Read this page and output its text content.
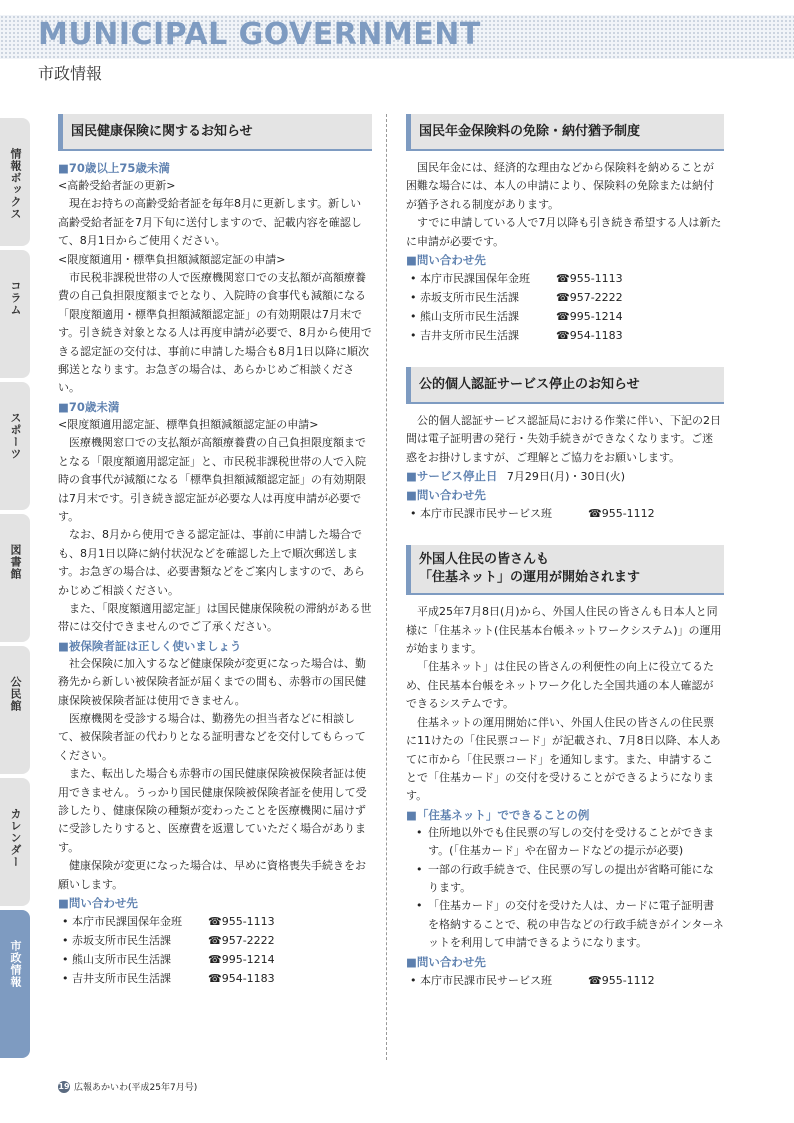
MUNICIPAL GOVERNMENT
市政情報
情報ボックス
コラム
スポーツ
図書館
公民館
カレンダー
市政情報
国民健康保険に関するお知らせ
■70歳以上75歳未満

<高齢受給者証の更新>

現在お持ちの高齢受給者証を毎年8月に更新します。新しい高齢受給者証を7月下旬に送付しますので、記載内容を確認して、8月1日からご使用ください。

<限度額適用・標準負担額減額認定証の申請>

市民税非課税世帯の人で医療機関窓口での支払額が高額療養費の自己負担限度額までとなり、入院時の食事代も減額になる「限度額適用・標準負担額減額認定証」の有効期限は7月末です。引き続き対象となる人は再度申請が必要で、8月から使用できる認定証の交付は、事前に申請した場合も8月1日以降に順次郵送となります。お急ぎの場合は、あらかじめご相談ください。

■70歳未満

<限度額適用認定証、標準負担額減額認定証の申請>

医療機関窓口での支払額が高額療養費の自己負担限度額までとなる「限度額適用認定証」と、市民税非課税世帯の人で入院時の食事代が減額になる「標準負担額減額認定証」の有効期限は7月末です。引き続き認定証が必要な人は再度申請が必要です。

なお、8月から使用できる認定証は、事前に申請した場合でも、8月1日以降に納付状況などを確認した上で順次郵送します。お急ぎの場合は、必要書類などをご案内しますので、あらかじめご相談ください。

また、「限度額適用認定証」は国民健康保険税の滞納がある世帯には交付できませんのでご了承ください。

■被保険者証は正しく使いましょう

社会保険に加入するなど健康保険が変更になった場合は、勤務先から新しい被保険者証が届くまでの間も、赤磐市の国民健康保険被保険者証は使用できません。

医療機関を受診する場合は、勤務先の担当者などに相談して、被保険者証の代わりとなる証明書などを交付してもらってください。

また、転出した場合も赤磐市の国民健康保険被保険者証は使用できません。うっかり国民健康保険被保険者証を使用して受診したり、健康保険の種類が変わったことを医療機関に届けずに受診したりすると、医療費を返還していただく場合があります。

健康保険が変更になった場合は、早めに資格喪失手続きをお願いします。

■問い合わせ先
• 本庁市民課国保年金班 ☎955-1113
• 赤坂支所市民生活課	☎957-2222
• 熊山支所市民生活課	☎995-1214
• 吉井支所市民生活課	☎954-1183
国民年金保険料の免除・納付猶予制度

国民年金には、経済的な理由などから保険料を納めることが困難な場合には、本人の申請により、保険料の免除または納付が猶予される制度があります。

すでに申請している人で7月以降も引き続き希望する人は新たに申請が必要です。

■問い合わせ先
• 本庁市民課国保年金班 ☎955-1113
• 赤坂支所市民生活課	☎957-2222
• 熊山支所市民生活課	☎995-1214
• 吉井支所市民生活課	☎954-1183
公的個人認証サービス停止のお知らせ

公的個人認証サービス認証局における作業に伴い、下記の2日間は電子証明書の発行・失効手続きができなくなります。ご迷惑をお掛けしますが、ご理解とご協力をお願いします。

■サービス停止日 7月29日(月)・30日(火)
■問い合わせ先
• 本庁市民課市民サービス班	☎955-1112
外国人住民の皆さんも
「住基ネット」の運用が開始されます

平成25年7月8日(月)から、外国人住民の皆さんも日本人と同様に「住基ネット(住民基本台帳ネットワークシステム)」の運用が始まります。

「住基ネット」は住民の皆さんの利便性の向上に役立てるため、住民基本台帳をネットワーク化した全国共通の本人確認ができるシステムです。

住基ネットの運用開始に伴い、外国人住民の皆さんの住民票に11けたの「住民票コード」が記載され、7月8日以降、本人あてに市から「住民票コード」を通知します。また、申請することで「住基カード」の交付を受けることができるようになります。

■「住基ネット」でできることの例
• 住所地以外でも住民票の写しの交付を受けることができます。(「住基カード」や在留カードなどの提示が必要)
• 一部の行政手続きで、住民票の写しの提出が省略可能になります。
• 「住基カード」の交付を受けた人は、カードに電子証明書を格納することで、税の申告などの行政手続きがインターネットを利用して申請できるようになります。
■問い合わせ先
• 本庁市民課市民サービス班	☎955-1112
19 広報あかいわ(平成25年7月号)
